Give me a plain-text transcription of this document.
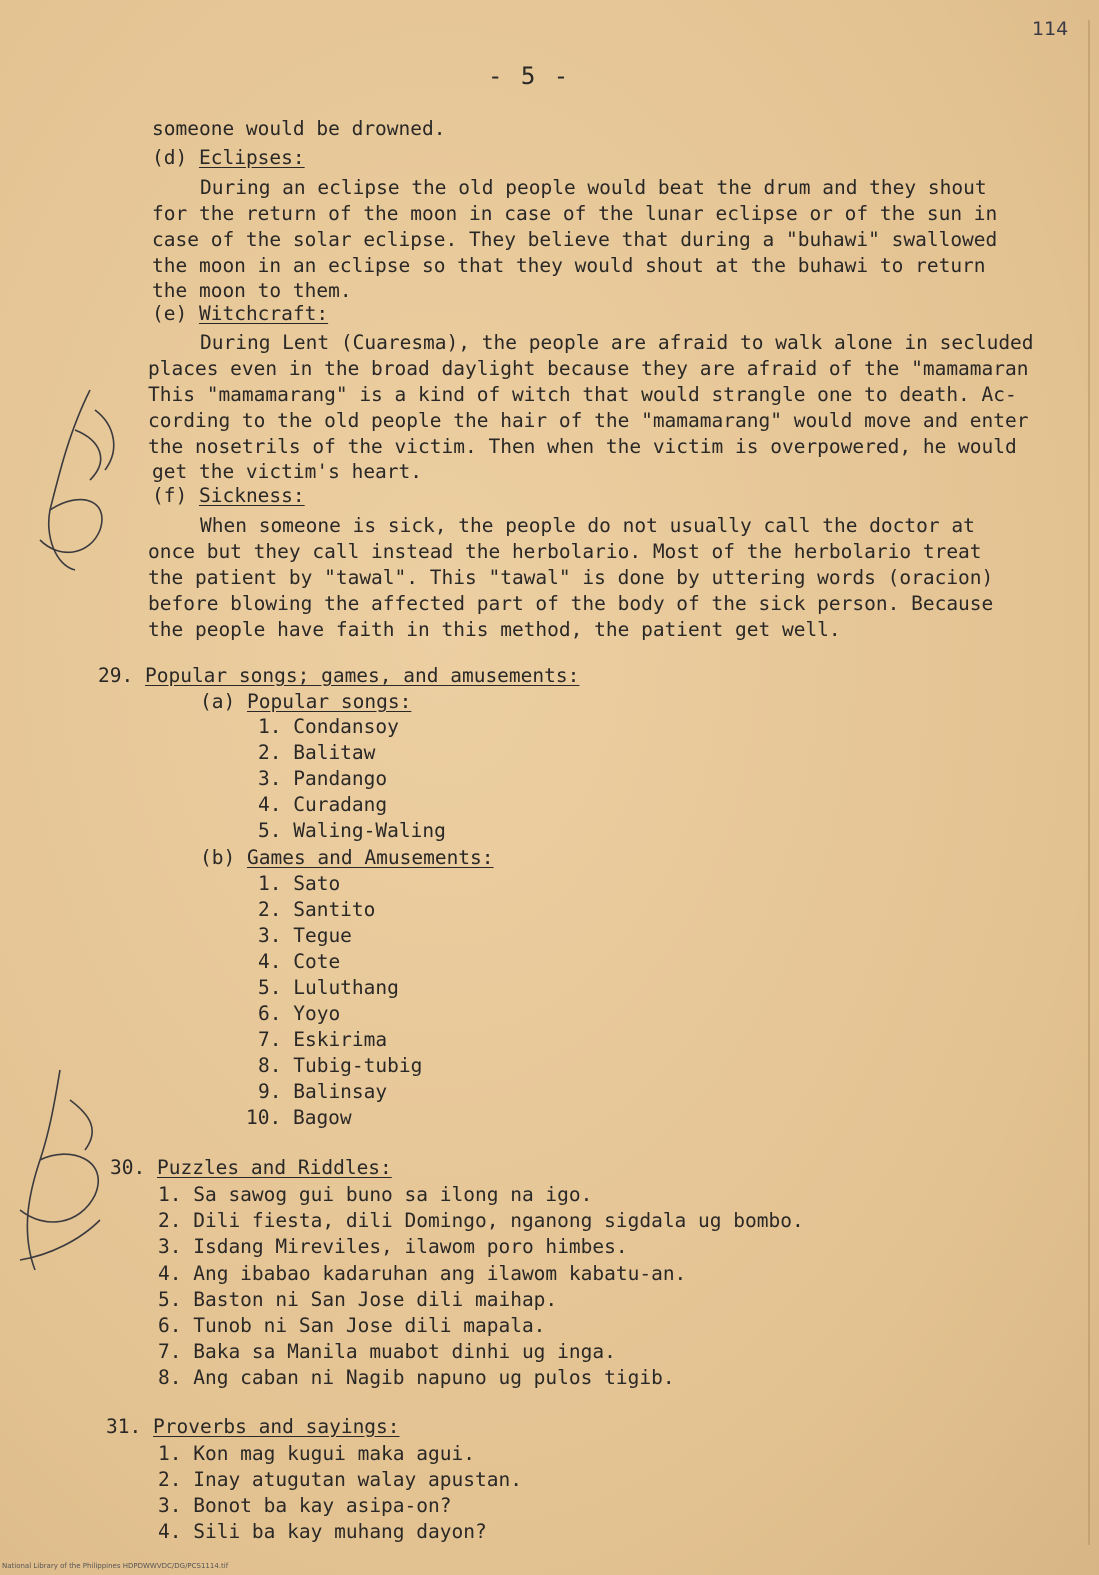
114
- 5 -
someone would be drowned.
(d) Eclipses:
During an eclipse the old people would beat the drum and they shout
for the return of the moon in case of the lunar eclipse or of the sun in
case of the solar eclipse. They believe that during a "buhawi" swallowed
the moon in an eclipse so that they would shout at the buhawi to return
the moon to them.
(e) Witchcraft:
During Lent (Cuaresma), the people are afraid to walk alone in secluded
places even in the broad daylight because they are afraid of the "mamamaran
This "mamamarang" is a kind of witch that would strangle one to death. Ac-
cording to the old people the hair of the "mamamarang" would move and enter
the nosetrils of the victim. Then when the victim is overpowered, he would
get the victim's heart.
(f) Sickness:
When someone is sick, the people do not usually call the doctor at
once but they call instead the herbolario. Most of the herbolario treat
the patient by "tawal". This "tawal" is done by uttering words (oracion)
before blowing the affected part of the body of the sick person. Because
the people have faith in this method, the patient get well.
29. Popular songs; games, and amusements:
(a) Popular songs:
1. Condansoy
2. Balitaw
3. Pandango
4. Curadang
5. Waling-Waling
(b) Games and Amusements:
1. Sato
2. Santito
3. Tegue
4. Cote
5. Luluthang
6. Yoyo
7. Eskirima
8. Tubig-tubig
9. Balinsay
10. Bagow
30. Puzzles and Riddles:
1. Sa sawog gui buno sa ilong na igo.
2. Dili fiesta, dili Domingo, nganong sigdala ug bombo.
3. Isdang Mireviles, ilawom poro himbes.
4. Ang ibabao kadaruhan ang ilawom kabatu-an.
5. Baston ni San Jose dili maihap.
6. Tunob ni San Jose dili mapala.
7. Baka sa Manila muabot dinhi ug inga.
8. Ang caban ni Nagib napuno ug pulos tigib.
31. Proverbs and sayings:
1. Kon mag kugui maka agui.
2. Inay atugutan walay apustan.
3. Bonot ba kay asipa-on?
4. Sili ba kay muhang dayon?
National Library of the Philippines HDPDWWVDC/DG/PCS1114.tif
